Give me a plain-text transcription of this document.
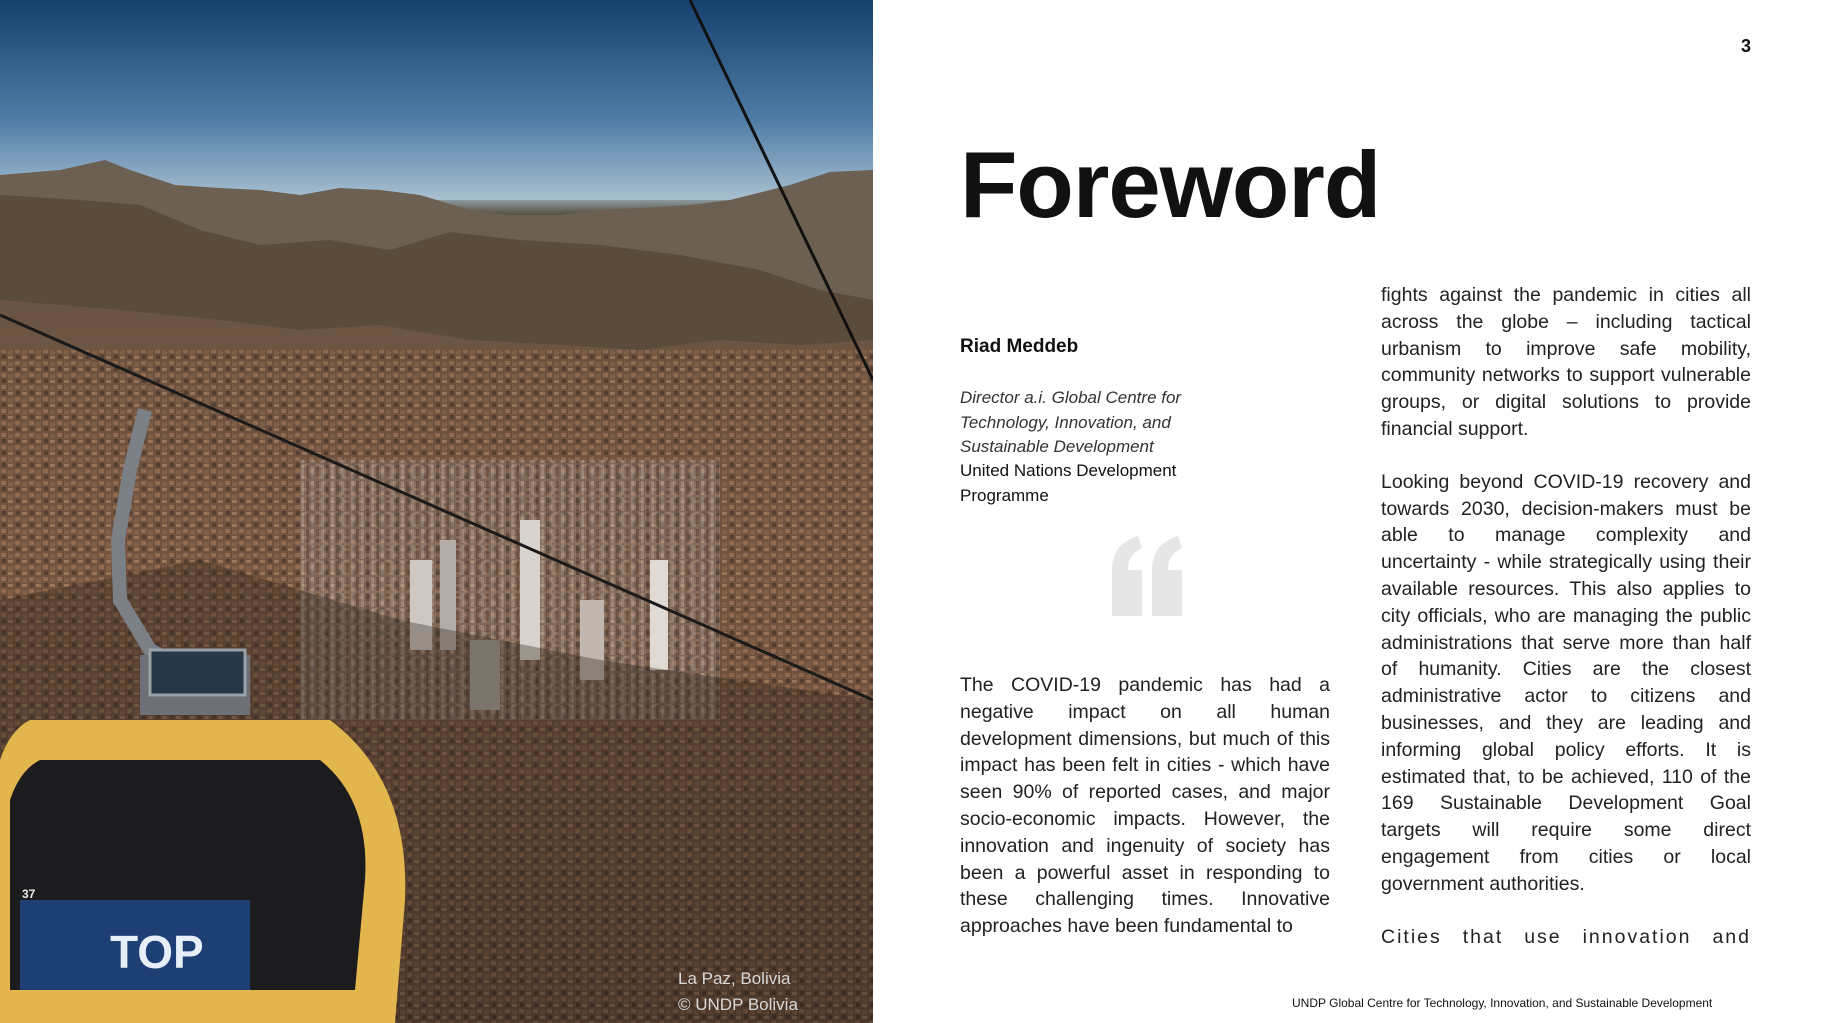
TOP
37
La Paz, Bolivia
© UNDP Bolivia
3
Foreword
Riad Meddeb
Director a.i. Global Centre for Technology, Innovation, and Sustainable Development
United Nations Development Programme

The COVID-19 pandemic has had a negative impact on all human development dimensions, but much of this impact has been felt in cities - which have seen 90% of reported cases, and major socio-economic impacts. However, the innovation and ingenuity of society has been a powerful asset in responding to these challenging times. Innovative approaches have been fundamental to

fights against the pandemic in cities all across the globe – including tactical urbanism to improve safe mobility, community networks to support vulnerable groups, or digital solutions to provide financial support.

Looking beyond COVID-19 recovery and towards 2030, decision-makers must be able to manage complexity and uncertainty - while strategically using their available resources. This also applies to city officials, who are managing the public administrations that serve more than half of humanity. Cities are the closest administrative actor to citizens and businesses, and they are leading and informing global policy efforts. It is estimated that, to be achieved, 110 of the 169 Sustainable Development Goal targets will require some direct engagement from cities or local government authorities.

Cities that use innovation and

UNDP Global Centre for Technology, Innovation, and Sustainable Development
